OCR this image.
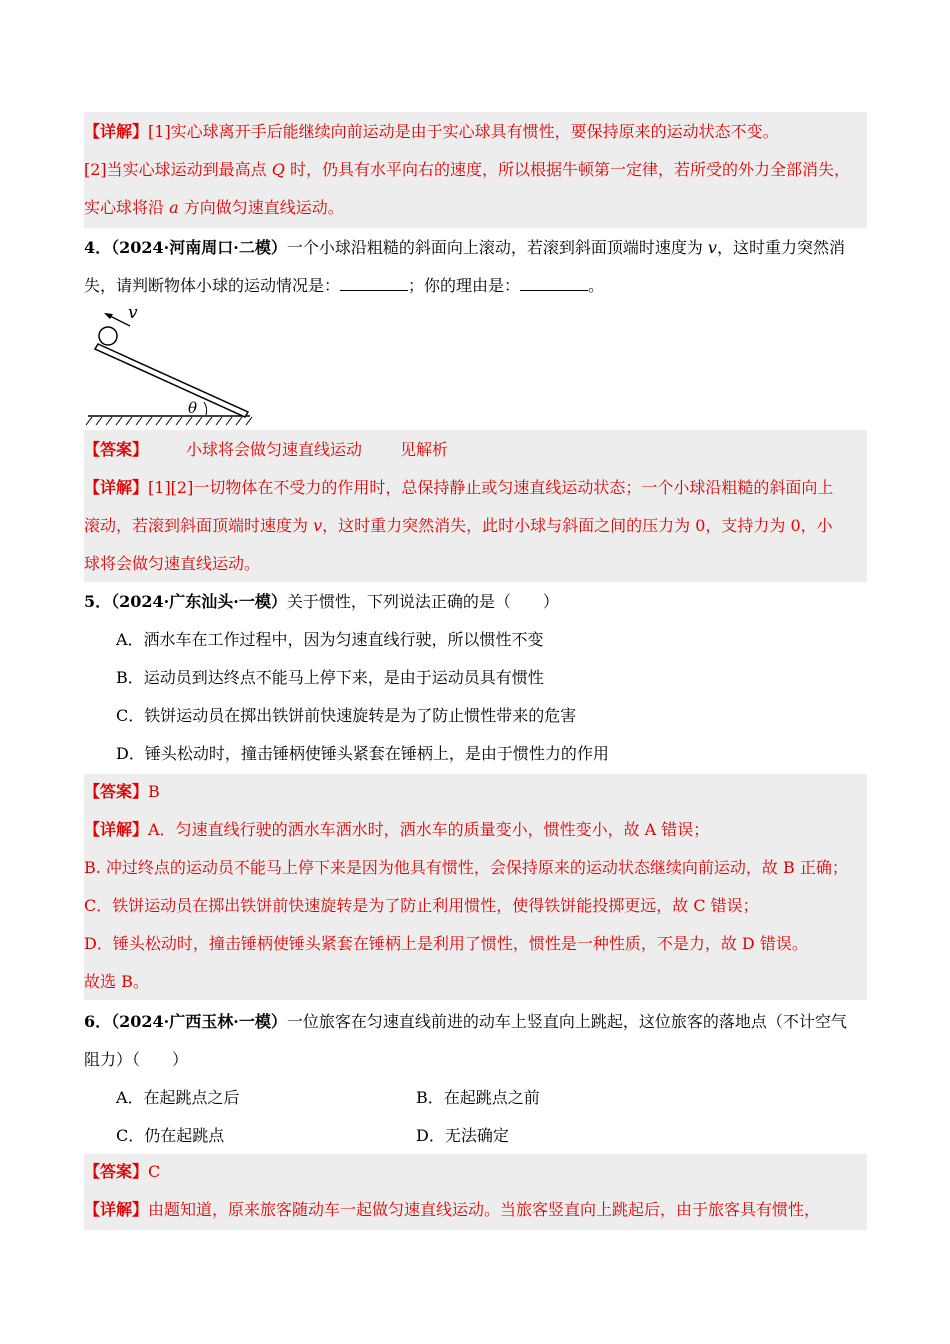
【详解】[1]实心球离开手后能继续向前运动是由于实心球具有惯性，要保持原来的运动状态不变。
[2]当实心球运动到最高点 Q 时，仍具有水平向右的速度，所以根据牛顿第一定律，若所受的外力全部消失，
实心球将沿 a 方向做匀速直线运动。
4．（2024·河南周口·二模）一个小球沿粗糙的斜面向上滚动，若滚到斜面顶端时速度为 v，这时重力突然消
失，请判断物体小球的运动情况是：	；你的理由是：	。
v
θ
【答案】 小球将会做匀速直线运动 见解析
【详解】[1][2]一切物体在不受力的作用时，总保持静止或匀速直线运动状态；一个小球沿粗糙的斜面向上
滚动，若滚到斜面顶端时速度为 v，这时重力突然消失，此时小球与斜面之间的压力为 0，支持力为 0，小
球将会做匀速直线运动。
5．（2024·广东汕头·一模）关于惯性，下列说法正确的是（　　）
A．洒水车在工作过程中，因为匀速直线行驶，所以惯性不变
B．运动员到达终点不能马上停下来，是由于运动员具有惯性
C．铁饼运动员在掷出铁饼前快速旋转是为了防止惯性带来的危害
D．锤头松动时，撞击锤柄使锤头紧套在锤柄上，是由于惯性力的作用
【答案】B
【详解】A．匀速直线行驶的洒水车洒水时，洒水车的质量变小，惯性变小，故 A 错误；
B. 冲过终点的运动员不能马上停下来是因为他具有惯性，会保持原来的运动状态继续向前运动，故 B 正确；
C．铁饼运动员在掷出铁饼前快速旋转是为了防止利用惯性，使得铁饼能投掷更远，故 C 错误；
D．锤头松动时，撞击锤柄使锤头紧套在锤柄上是利用了惯性，惯性是一种性质，不是力，故 D 错误。
故选 B。
6．（2024·广西玉林·一模）一位旅客在匀速直线前进的动车上竖直向上跳起，这位旅客的落地点（不计空气
阻力）（　　）
A．在起跳点之后	B．在起跳点之前
C．仍在起跳点	D．无法确定
【答案】C
【详解】由题知道，原来旅客随动车一起做匀速直线运动。当旅客竖直向上跳起后，由于旅客具有惯性，
